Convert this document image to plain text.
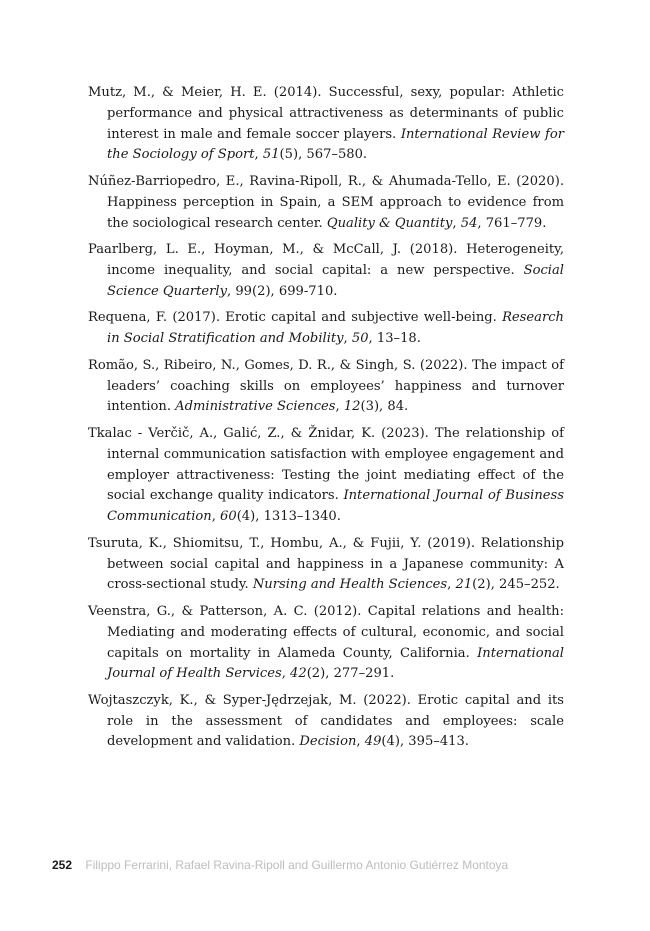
Mutz, M., & Meier, H. E. (2014). Successful, sexy, popular: Athletic performance and physical attractiveness as determinants of public interest in male and female soccer players. International Review for the Sociology of Sport, 51(5), 567–580.

Núñez-Barriopedro, E., Ravina-Ripoll, R., & Ahumada-Tello, E. (2020). Happiness perception in Spain, a SEM approach to evidence from the sociological research center. Quality & Quantity, 54, 761–779.

Paarlberg, L. E., Hoyman, M., & McCall, J. (2018). Heterogeneity, income inequality, and social capital: a new perspective. Social Science Quarterly, 99(2), 699-710.

Requena, F. (2017). Erotic capital and subjective well-being. Research in Social Stratification and Mobility, 50, 13–18.

Romão, S., Ribeiro, N., Gomes, D. R., & Singh, S. (2022). The impact of leaders’ coaching skills on employees’ happiness and turnover intention. Administrative Sciences, 12(3), 84.

Tkalac - Verčič, A., Galić, Z., & Žnidar, K. (2023). The relationship of internal communication satisfaction with employee engagement and employer attractiveness: Testing the joint mediating effect of the social exchange quality indicators. International Journal of Business Communication, 60(4), 1313–1340.

Tsuruta, K., Shiomitsu, T., Hombu, A., & Fujii, Y. (2019). Relationship between social capital and happiness in a Japanese community: A cross-sectional study. Nursing and Health Sciences, 21(2), 245–252.

Veenstra, G., & Patterson, A. C. (2012). Capital relations and health: Mediating and moderating effects of cultural, economic, and social capitals on mortality in Alameda County, California. International Journal of Health Services, 42(2), 277–291.

Wojtaszczyk, K., & Syper-Jędrzejak, M. (2022). Erotic capital and its role in the assessment of candidates and employees: scale development and validation. Decision, 49(4), 395–413.

252 Filippo Ferrarini, Rafael Ravina-Ripoll and Guillermo Antonio Gutiérrez Montoya
